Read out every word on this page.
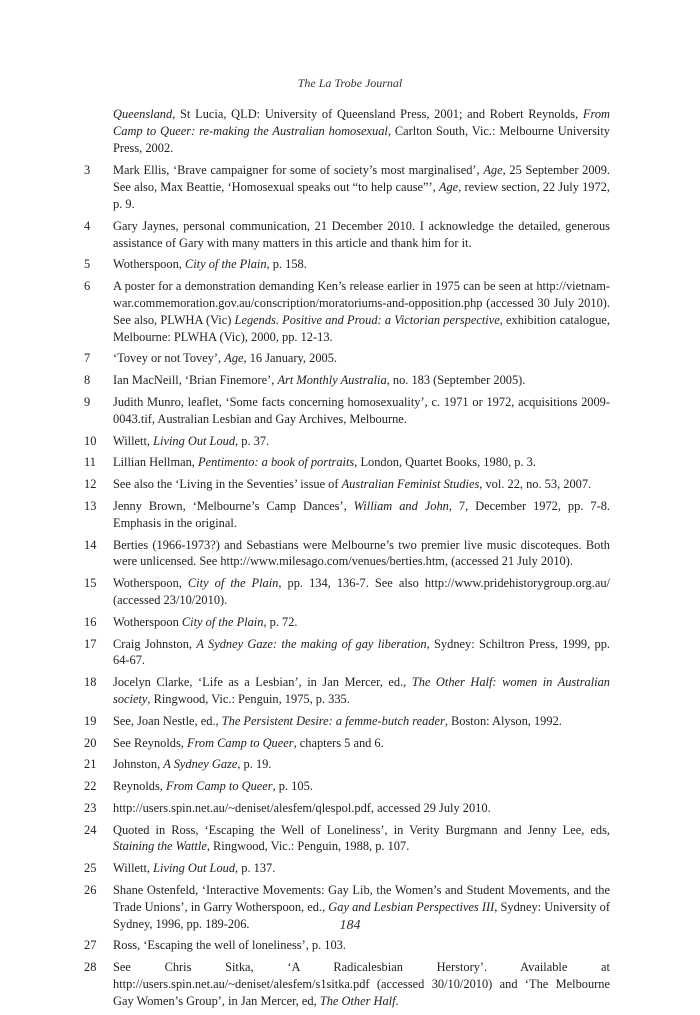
The La Trobe Journal
Queensland, St Lucia, QLD: University of Queensland Press, 2001; and Robert Reynolds, From Camp to Queer: re-making the Australian homosexual, Carlton South, Vic.: Melbourne University Press, 2002.
3 Mark Ellis, ‘Brave campaigner for some of society’s most marginalised’, Age, 25 September 2009. See also, Max Beattie, ‘Homosexual speaks out “to help cause”’, Age, review section, 22 July 1972, p. 9.
4 Gary Jaynes, personal communication, 21 December 2010. I acknowledge the detailed, generous assistance of Gary with many matters in this article and thank him for it.
5 Wotherspoon, City of the Plain, p. 158.
6 A poster for a demonstration demanding Ken’s release earlier in 1975 can be seen at http://vietnam-war.commemoration.gov.au/conscription/moratoriums-and-opposition.php (accessed 30 July 2010). See also, PLWHA (Vic) Legends. Positive and Proud: a Victorian perspective, exhibition catalogue, Melbourne: PLWHA (Vic), 2000, pp. 12-13.
7 ‘Tovey or not Tovey’, Age, 16 January, 2005.
8 Ian MacNeill, ‘Brian Finemore’, Art Monthly Australia, no. 183 (September 2005).
9 Judith Munro, leaflet, ‘Some facts concerning homosexuality’, c. 1971 or 1972, acquisitions 2009-0043.tif, Australian Lesbian and Gay Archives, Melbourne.
10 Willett, Living Out Loud, p. 37.
11 Lillian Hellman, Pentimento: a book of portraits, London, Quartet Books, 1980, p. 3.
12 See also the ‘Living in the Seventies’ issue of Australian Feminist Studies, vol. 22, no. 53, 2007.
13 Jenny Brown, ‘Melbourne’s Camp Dances’, William and John, 7, December 1972, pp. 7-8. Emphasis in the original.
14 Berties (1966-1973?) and Sebastians were Melbourne’s two premier live music discoteques. Both were unlicensed. See http://www.milesago.com/venues/berties.htm, (accessed 21 July 2010).
15 Wotherspoon, City of the Plain, pp. 134, 136-7. See also http://www.pridehistorygroup.org.au/ (accessed 23/10/2010).
16 Wotherspoon City of the Plain, p. 72.
17 Craig Johnston, A Sydney Gaze: the making of gay liberation, Sydney: Schiltron Press, 1999, pp. 64-67.
18 Jocelyn Clarke, ‘Life as a Lesbian’, in Jan Mercer, ed., The Other Half: women in Australian society, Ringwood, Vic.: Penguin, 1975, p. 335.
19 See, Joan Nestle, ed., The Persistent Desire: a femme-butch reader, Boston: Alyson, 1992.
20 See Reynolds, From Camp to Queer, chapters 5 and 6.
21 Johnston, A Sydney Gaze, p. 19.
22 Reynolds, From Camp to Queer, p. 105.
23 http://users.spin.net.au/~deniset/alesfem/qlespol.pdf, accessed 29 July 2010.
24 Quoted in Ross, ‘Escaping the Well of Loneliness’, in Verity Burgmann and Jenny Lee, eds, Staining the Wattle, Ringwood, Vic.: Penguin, 1988, p. 107.
25 Willett, Living Out Loud, p. 137.
26 Shane Ostenfeld, ‘Interactive Movements: Gay Lib, the Women’s and Student Movements, and the Trade Unions’, in Garry Wotherspoon, ed., Gay and Lesbian Perspectives III, Sydney: University of Sydney, 1996, pp. 189-206.
27 Ross, ‘Escaping the well of loneliness’, p. 103.
28 See Chris Sitka, ‘A Radicalesbian Herstory’. Available at http://users.spin.net.au/~deniset/alesfem/s1sitka.pdf (accessed 30/10/2010) and ‘The Melbourne Gay Women’s Group’, in Jan Mercer, ed, The Other Half.
184
